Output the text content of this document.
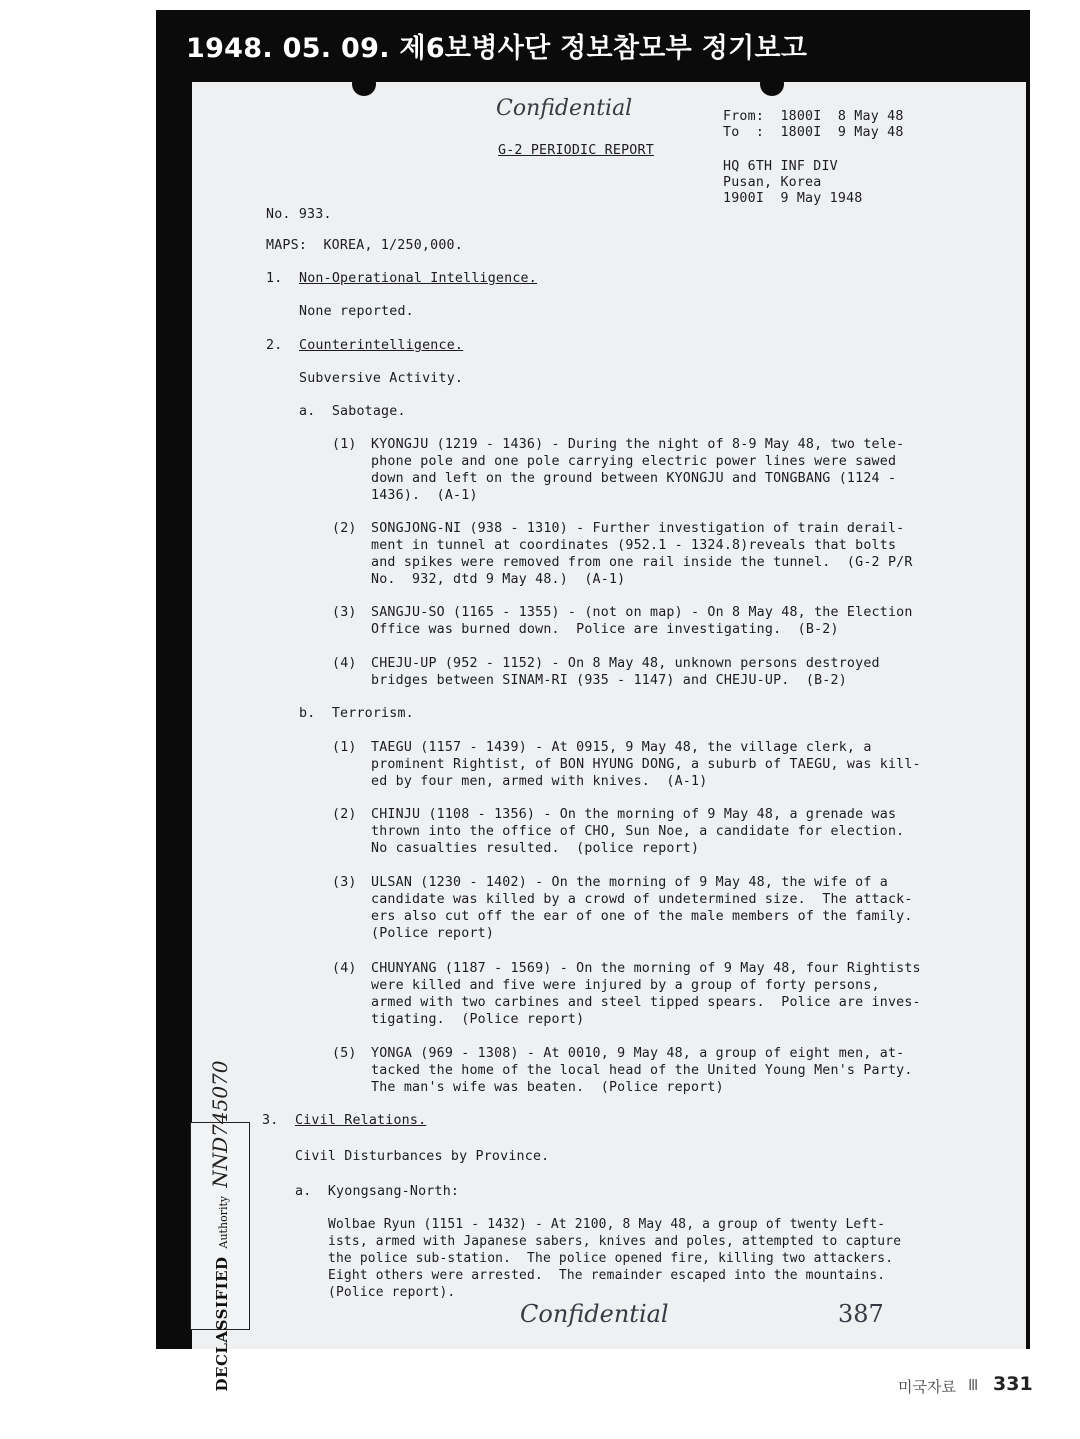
1948. 05. 09. 제6보병사단 정보참모부 정기보고
Confidential
G-2 PERIODIC REPORT
From:  1800I  8 May 48
To  :  1800I  9 May 48
HQ 6TH INF DIV
Pusan, Korea
1900I  9 May 1948
No. 933.
MAPS:  KOREA, 1/250,000.
1. Non-Operational Intelligence.
None reported.
2. Counterintelligence.
Subversive Activity.
a.  Sabotage.
(1) KYONGJU (1219 - 1436) - During the night of 8-9 May 48, two tele-
phone pole and one pole carrying electric power lines were sawed
down and left on the ground between KYONGJU and TONGBANG (1124 -
1436).  (A-1)
(2) SONGJONG-NI (938 - 1310) - Further investigation of train derail-
ment in tunnel at coordinates (952.1 - 1324.8)reveals that bolts
and spikes were removed from one rail inside the tunnel.  (G-2 P/R
No.  932, dtd 9 May 48.)  (A-1)
(3) SANGJU-SO (1165 - 1355) - (not on map) - On 8 May 48, the Election
Office was burned down.  Police are investigating.  (B-2)
(4) CHEJU-UP (952 - 1152) - On 8 May 48, unknown persons destroyed
bridges between SINAM-RI (935 - 1147) and CHEJU-UP.  (B-2)
b.  Terrorism.
(1) TAEGU (1157 - 1439) - At 0915, 9 May 48, the village clerk, a
prominent Rightist, of BON HYUNG DONG, a suburb of TAEGU, was kill-
ed by four men, armed with knives.  (A-1)
(2) CHINJU (1108 - 1356) - On the morning of 9 May 48, a grenade was
thrown into the office of CHO, Sun Noe, a candidate for election.
No casualties resulted.  (police report)
(3) ULSAN (1230 - 1402) - On the morning of 9 May 48, the wife of a
candidate was killed by a crowd of undetermined size.  The attack-
ers also cut off the ear of one of the male members of the family.
(Police report)
(4) CHUNYANG (1187 - 1569) - On the morning of 9 May 48, four Rightists
were killed and five were injured by a group of forty persons,
armed with two carbines and steel tipped spears.  Police are inves-
tigating.  (Police report)
(5) YONGA (969 - 1308) - At 0010, 9 May 48, a group of eight men, at-
tacked the home of the local head of the United Young Men's Party.
The man's wife was beaten.  (Police report)
3. Civil Relations.
Civil Disturbances by Province.
a.  Kyongsang-North:
Wolbae Ryun (1151 - 1432) - At 2100, 8 May 48, a group of twenty Left-
ists, armed with Japanese sabers, knives and poles, attempted to capture
the police sub-station.  The police opened fire, killing two attackers.
Eight others were arrested.  The remainder escaped into the mountains.
(Police report).
Confidential	387
DECLASSIFIED
Authority
NND745070
미국자료 Ⅲ 331
